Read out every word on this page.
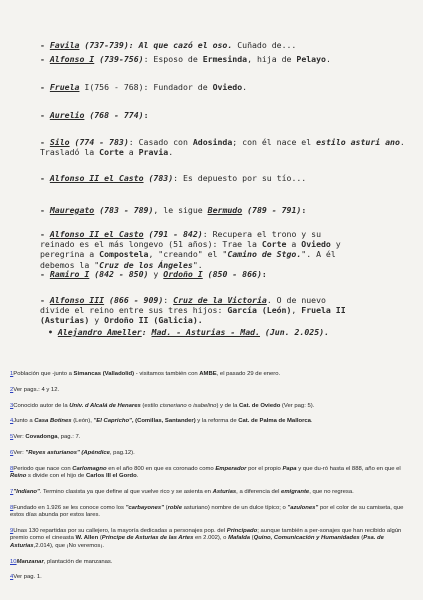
- Favila (737-739): Al que cazó el oso. Cuñado de...
- Alfonso I (739-756): Esposo de Ermesinda, hija de Pelayo.
- Fruela I(756 - 768): Fundador de Oviedo.
- Aurelio (768 - 774):
- Silo (774 - 783): Casado con Adosinda; con él nace el estilo asturi ano. Trasladó la Corte a Pravia.
- Alfonso II el Casto (783): Es depuesto por su tío...
- Mauregato (783 - 789), le sigue Bermudo (789 - 791):
- Alfonso II el Casto (791 - 842): Recupera el trono y su
reinado es el más longevo (51 años): Trae la Corte a Oviedo y
peregrina a Compostela, "creando" el "Camino de Stgo.". A él
debemos la "Cruz de los Ángeles".
- Ramiro I (842 - 850) y Ordoño I (850 - 866):
- Alfonso III (866 - 909): Cruz de la Victoria. O de nuevo
divide el reino entre sus tres hijos: García (León), Fruela II
(Asturias) y Ordoño II (Galicia).
• Alejandro Ameller: Mad. - Asturias - Mad. (Jun. 2.025).
1Población que -junto a Simancas (Valladolid) - visitamos también con AMBE, el pasado 29 de enero.
2Ver pags.: 4 y 12.
3Conocido autor de la Univ. d Alcalá de Henares (estilo cisneriano o isabelino) y de la Cat. de Oviedo (Ver pag: 5).
4Junto a Casa Botines (León), "El Capricho", (Comillas, Santander) y la reforma de Cat. de Palma de Mallorca.
5Ver: Covadonga, pag.: 7.
6Ver: "Reyes asturianos" (Apéndice, pag.12).
8Periodo que nace con Carlomagno en el año 800 en que es coronado como Emperador por el propio Papa y que du-ró hasta el 888, año en que el Reino s divide con el hijo de Carlos III el Gordo.
7"Indiano". Termino clasista ya que define al que vuelve rico y se asienta en Asturias, a diferencia del emigrante, que no regresa.
8Fundado en 1.926 se les conoce como los "carbayones" (roble asturiano) nombre de un dulce típico; o "azulones" por el color de su camiseta, que estos días abunda por estos lares.
9Unas 130 repartidas por su callejero, la mayoría dedicadas a personajes pop. del Principado; aunque también a per-sonajes que han recibido algún premio como el cineasta W. Allen (Príncipe de Asturias de las Artes en 2.002), o Mafalda (Quino, Comunicación y Humanidades (Psa. de Asturias,2.014), que ¡No veremos¡.
10Manzanar, plantación de manzanas.
4Ver pag. 1.
